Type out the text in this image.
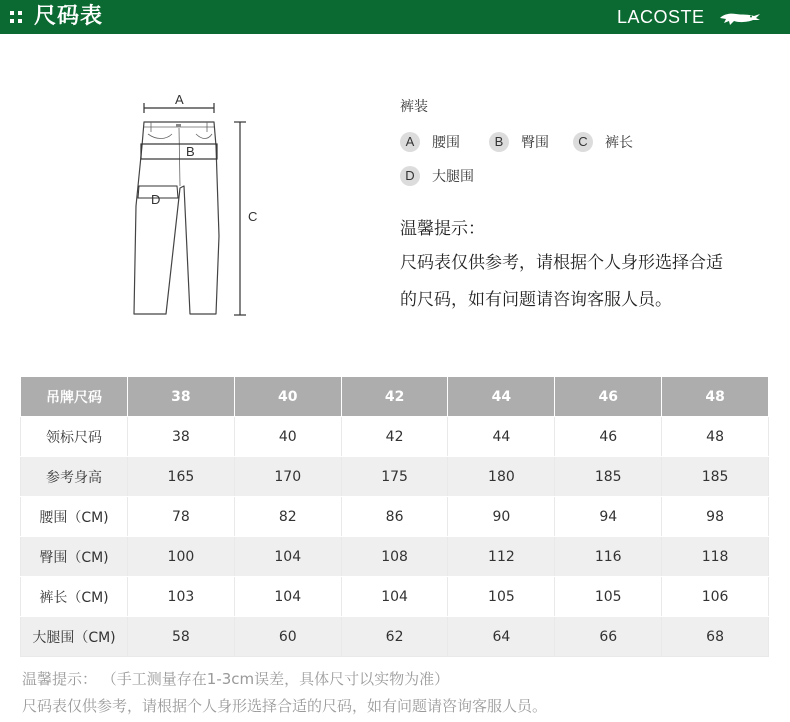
尺码表	LACOSTE
A
B
D
C
裤装
A	腰围	B	臀围	C	裤长
D	大腿围
温馨提示：
尺码表仅供参考，请根据个人身形选择合适
的尺码，如有问题请咨询客服人员。
吊牌尺码	38	40	42	44	46	48
领标尺码	38	40	42	44	46	48
参考身高	165	170	175	180	185	185
腰围（CM)	78	82	86	90	94	98
臀围（CM)	100	104	108	112	116	118
裤长（CM)	103	104	104	105	105	106
大腿围（CM)	58	60	62	64	66	68
温馨提示： （手工测量存在1-3cm误差，具体尺寸以实物为准）
尺码表仅供参考，请根据个人身形选择合适的尺码，如有问题请咨询客服人员。
